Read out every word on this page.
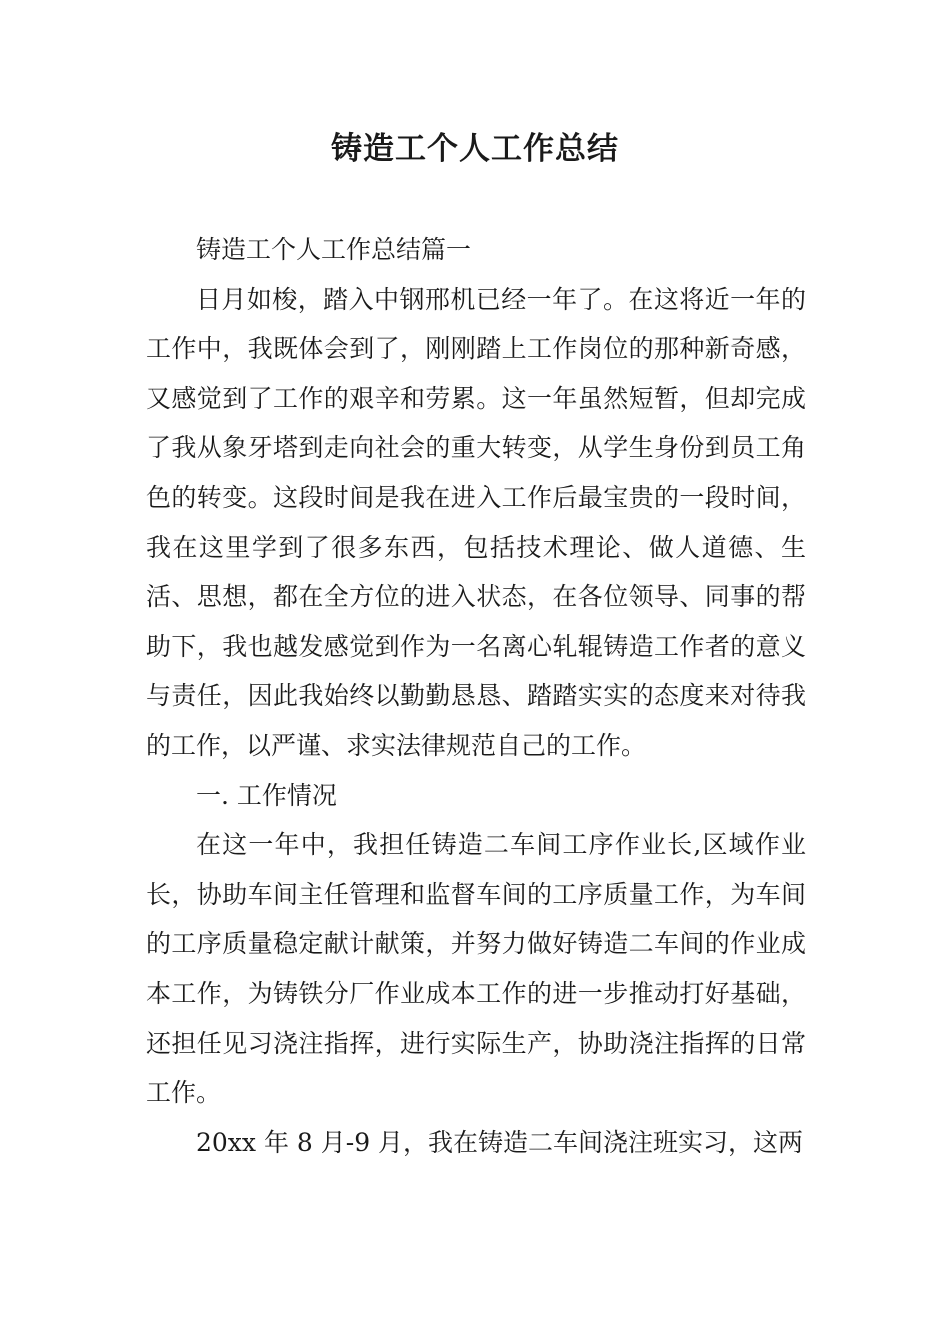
铸造工个人工作总结

铸造工个人工作总结篇一

日月如梭，踏入中钢邢机已经一年了。在这将近一年的工作中，我既体会到了，刚刚踏上工作岗位的那种新奇感，又感觉到了工作的艰辛和劳累。这一年虽然短暂，但却完成了我从象牙塔到走向社会的重大转变，从学生身份到员工角色的转变。这段时间是我在进入工作后最宝贵的一段时间，我在这里学到了很多东西，包括技术理论、做人道德、生活、思想，都在全方位的进入状态，在各位领导、同事的帮助下，我也越发感觉到作为一名离心轧辊铸造工作者的意义与责任，因此我始终以勤勤恳恳、踏踏实实的态度来对待我的工作，以严谨、求实法律规范自己的工作。

一. 工作情况

在这一年中，我担任铸造二车间工序作业长,区域作业长，协助车间主任管理和监督车间的工序质量工作，为车间的工序质量稳定献计献策，并努力做好铸造二车间的作业成本工作，为铸铁分厂作业成本工作的进一步推动打好基础，还担任见习浇注指挥，进行实际生产，协助浇注指挥的日常工作。

20xx 年 8 月-9 月，我在铸造二车间浇注班实习，这两
